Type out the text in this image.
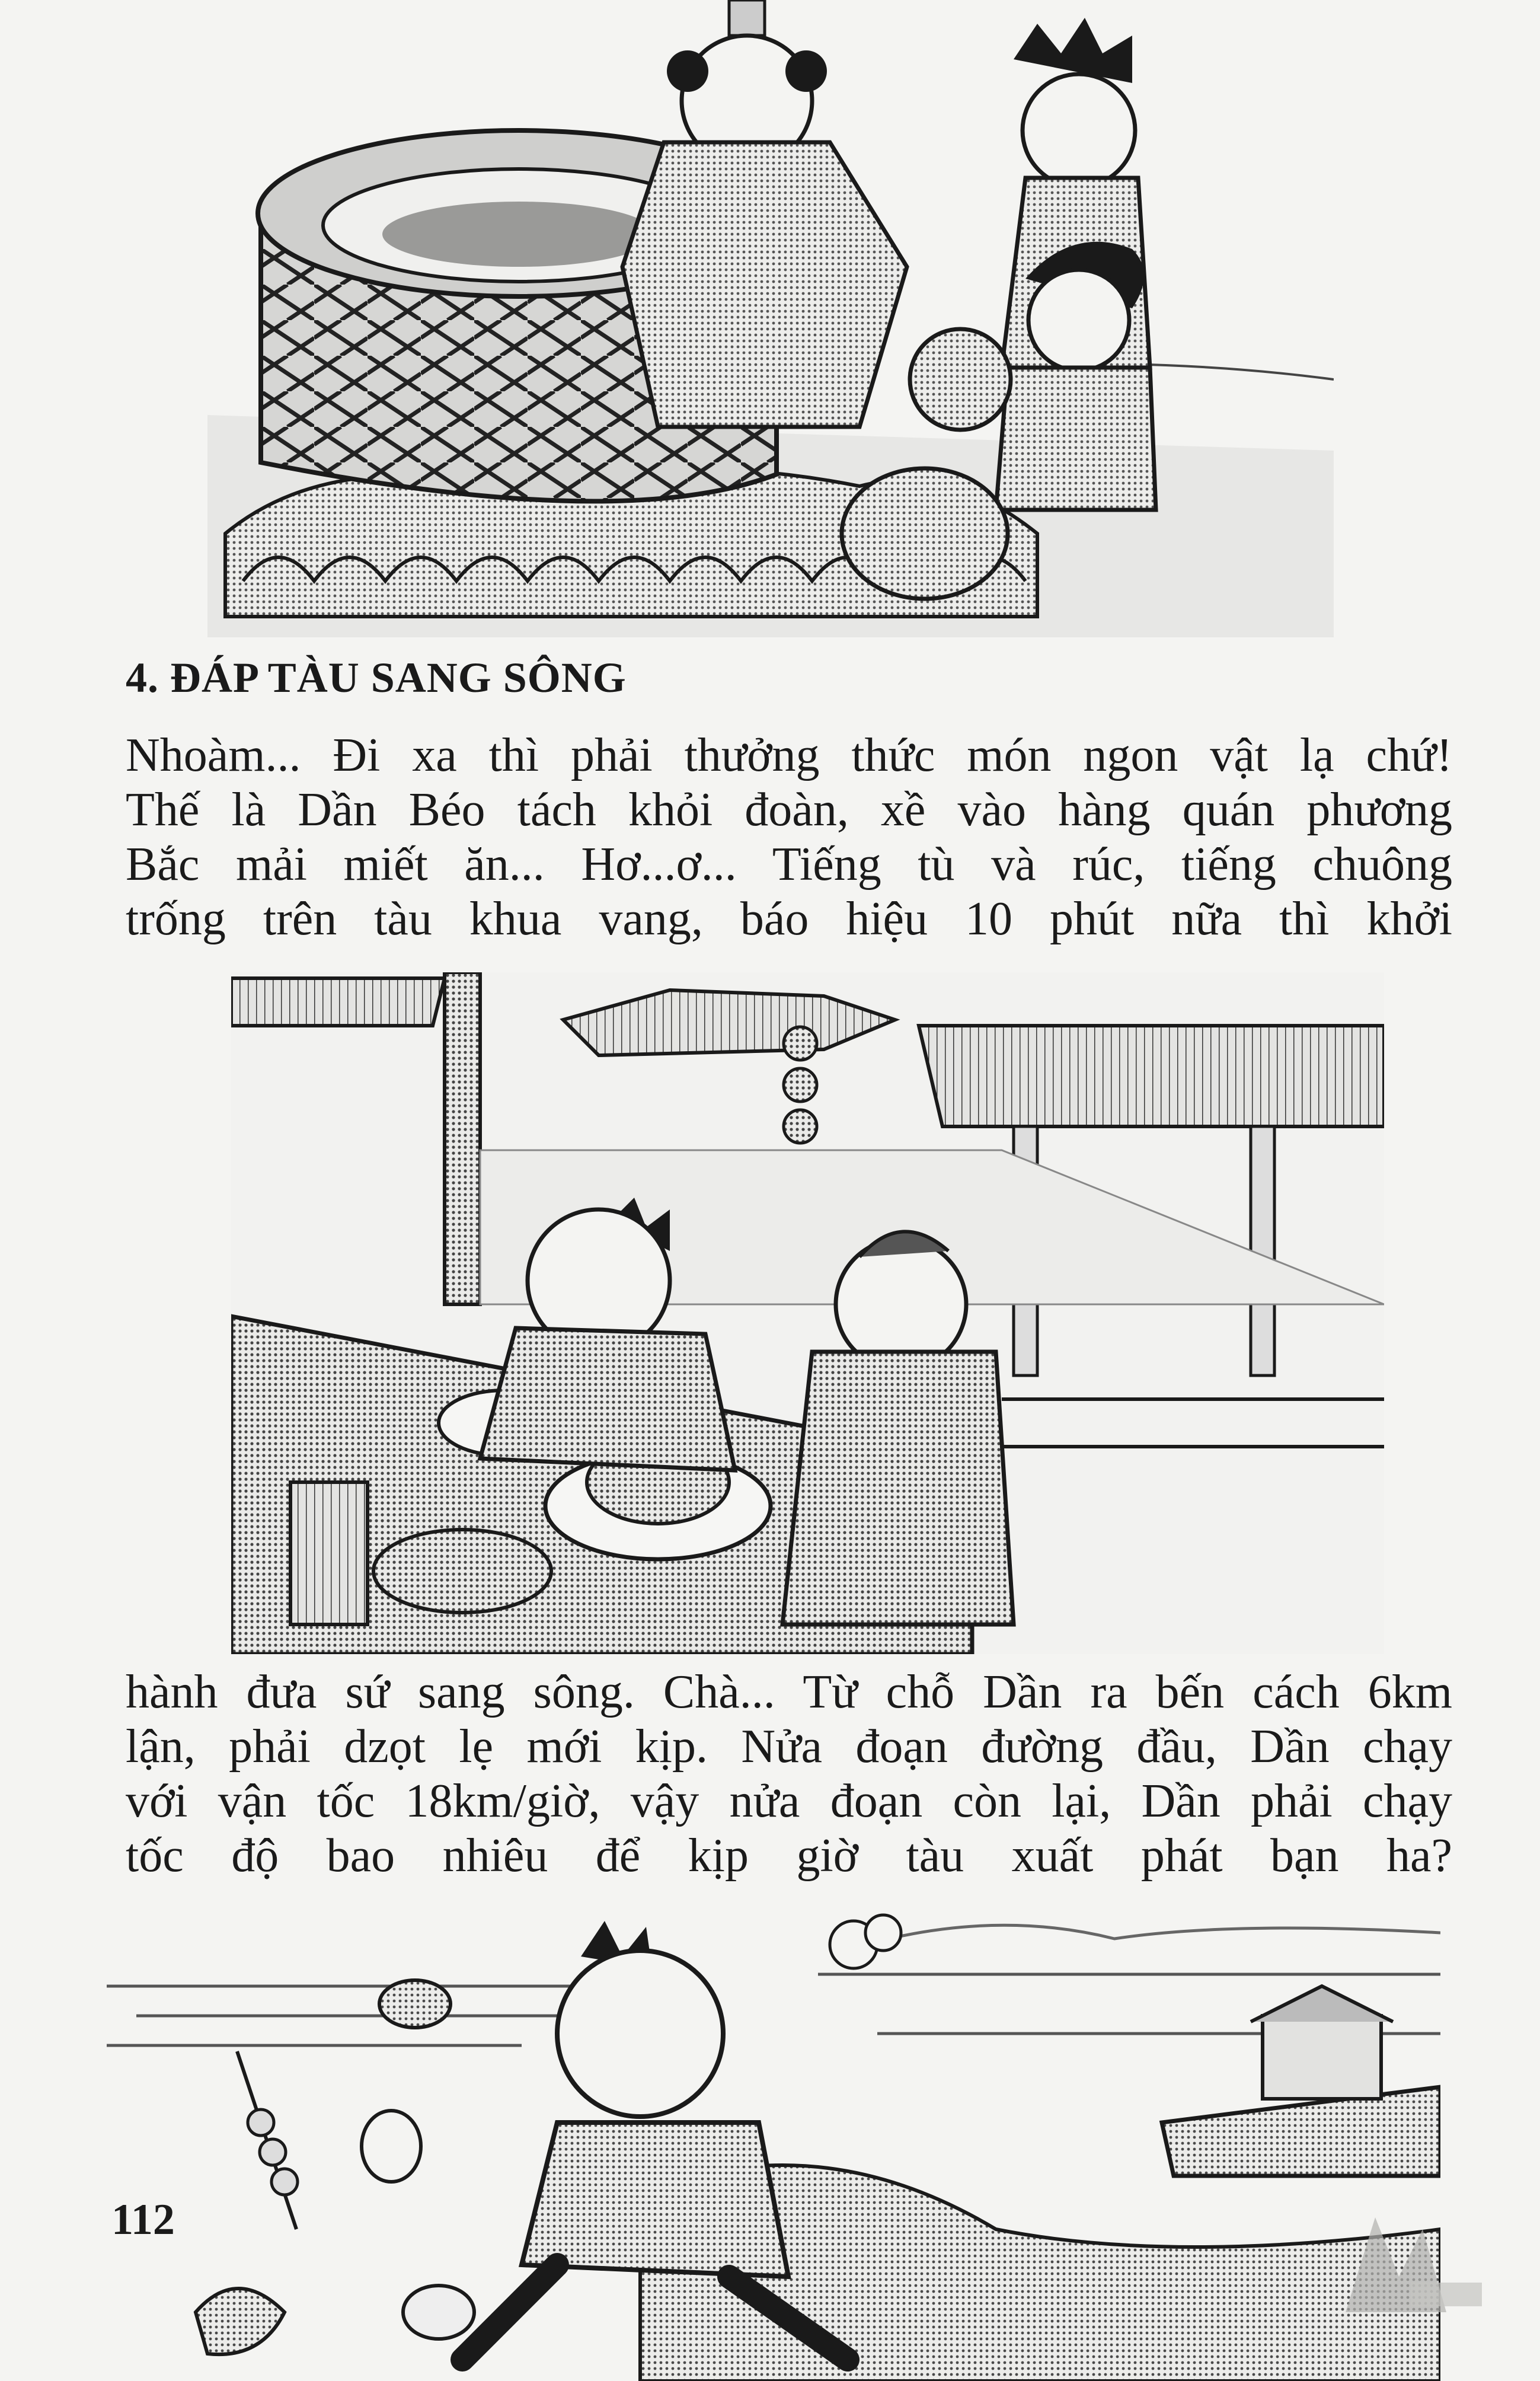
4. ĐÁP TÀU SANG SÔNG
Nhoàm... Đi xa thì phải thưởng thức món ngon vật lạ chứ!
Thế là Dần Béo tách khỏi đoàn, xề vào hàng quán phương
Bắc mải miết ăn... Hơ...ơ... Tiếng tù và rúc, tiếng chuông
trống trên tàu khua vang, báo hiệu 10 phút nữa thì khởi
hành đưa sứ sang sông. Chà... Từ chỗ Dần ra bến cách 6km
lận, phải dzọt lẹ mới kịp. Nửa đoạn đường đầu, Dần chạy
với vận tốc 18km/giờ, vậy nửa đoạn còn lại, Dần phải chạy
tốc độ bao nhiêu để kịp giờ tàu xuất phát bạn ha?
112
